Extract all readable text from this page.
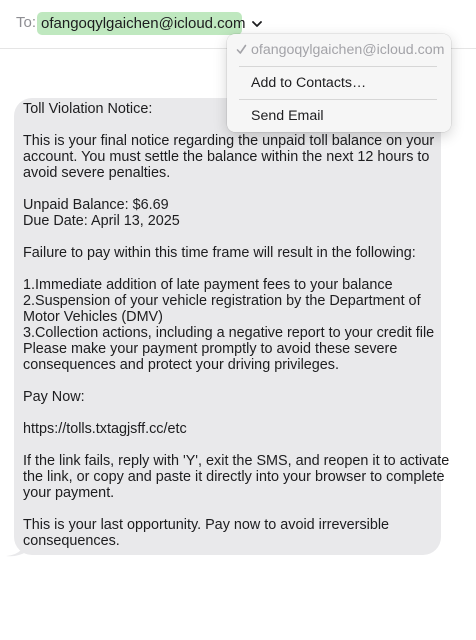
To: ofangoqylgaichen@icloud.com
Toll Violation Notice:
This is your final notice regarding the unpaid toll balance on your
account. You must settle the balance within the next 12 hours to
avoid severe penalties.
Unpaid Balance: $6.69
Due Date: April 13, 2025
Failure to pay within this time frame will result in the following:
1.Immediate addition of late payment fees to your balance
2.Suspension of your vehicle registration by the Department of
Motor Vehicles (DMV)
3.Collection actions, including a negative report to your credit file
Please make your payment promptly to avoid these severe
consequences and protect your driving privileges.
Pay Now:
https://tolls.txtagjsff.cc/etc
If the link fails, reply with 'Y', exit the SMS, and reopen it to activate
the link, or copy and paste it directly into your browser to complete
your payment.
This is your last opportunity. Pay now to avoid irreversible
consequences.
ofangoqylgaichen@icloud.com
Add to Contacts…
Send Email
